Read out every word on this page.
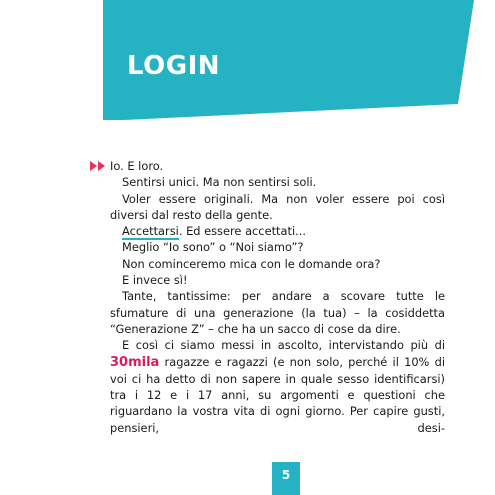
LOGIN

Io. E loro.

Sentirsi unici. Ma non sentirsi soli.

Voler essere originali. Ma non voler essere poi così diversi dal resto della gente.

Accettarsi. Ed essere accettati...

Meglio “Io sono” o “Noi siamo”?

Non cominceremo mica con le domande ora?

E invece sì!

Tante, tantissime: per andare a scovare tutte le sfumature di una generazione (la tua) – la cosiddetta “Generazione Z” – che ha un sacco di cose da dire.

E così ci siamo messi in ascolto, intervistando più di 30mila ragazze e ragazzi (e non solo, perché il 10% di voi ci ha detto di non sapere in quale sesso identificarsi) tra i 12 e i 17 anni, su argomenti e questioni che riguardano la vostra vita di ogni giorno. Per capire gusti, pensieri, desi-

5
